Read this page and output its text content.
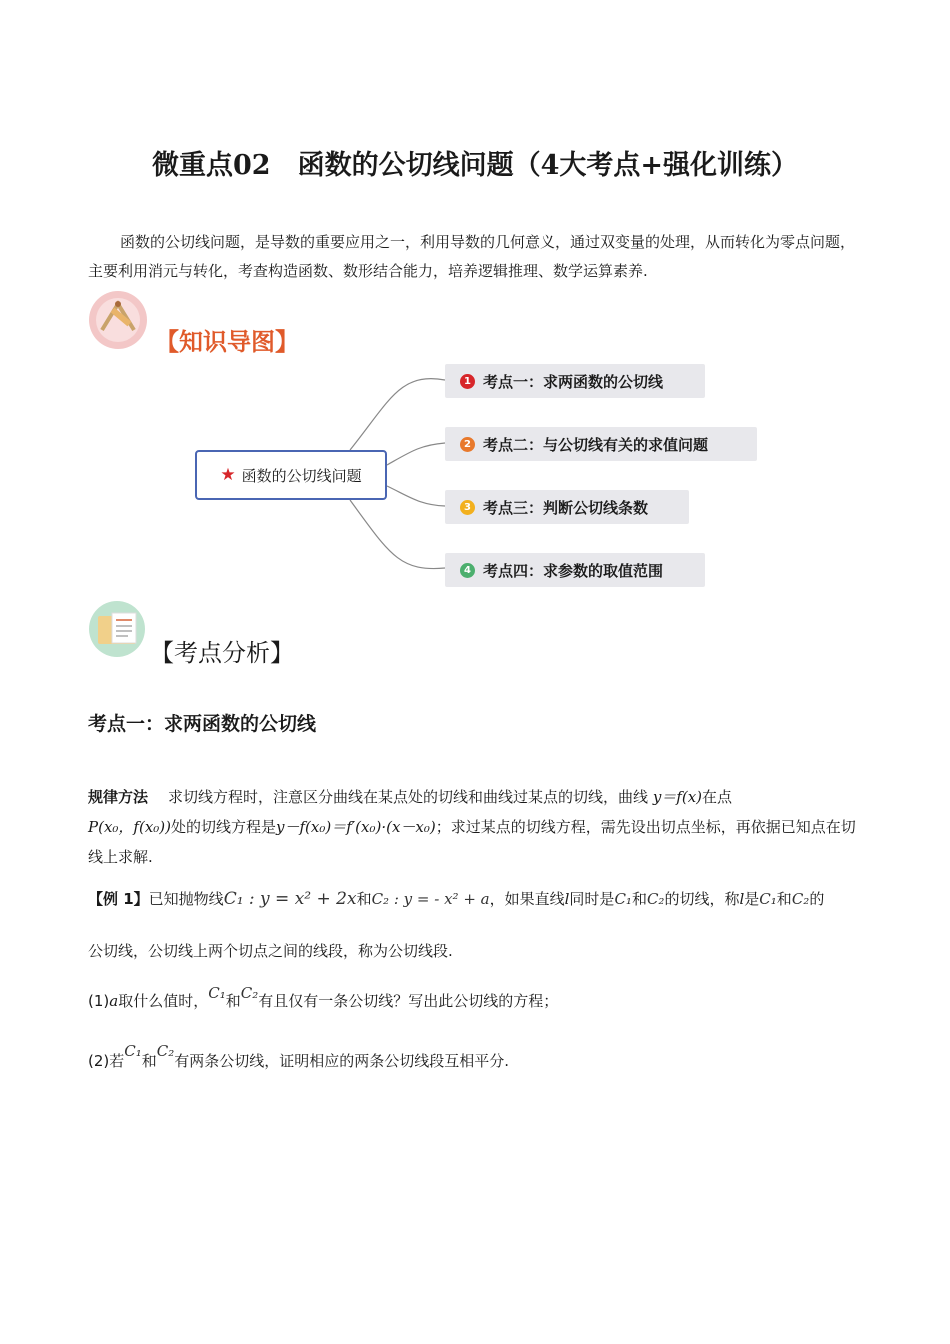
微重点02　函数的公切线问题（4大考点+强化训练）

函数的公切线问题，是导数的重要应用之一，利用导数的几何意义，通过双变量的处理，从而转化为零点问题，主要利用消元与转化，考查构造函数、数形结合能力，培养逻辑推理、数学运算素养.

【知识导图】
★ 函数的公切线问题
1 考点一：求两函数的公切线
2 考点二：与公切线有关的求值问题
3 考点三：判断公切线条数
4 考点四：求参数的取值范围
【考点分析】
考点一：求两函数的公切线
规律方法 求切线方程时，注意区分曲线在某点处的切线和曲线过某点的切线，曲线 y＝f(x)在点
P(x₀，f(x₀))处的切线方程是y－f(x₀)＝f′(x₀)·(x－x₀)；求过某点的切线方程，需先设出切点坐标，再依据已知点在切线上求解.
【例 1】已知抛物线C₁ : y = x² + 2x和C₂ : y = - x² + a，如果直线l同时是C₁和C₂的切线，称l是C₁和C₂的
公切线，公切线上两个切点之间的线段，称为公切线段.
(1)a取什么值时，C₁和C₂有且仅有一条公切线？写出此公切线的方程；
(2)若C₁和C₂有两条公切线，证明相应的两条公切线段互相平分.
